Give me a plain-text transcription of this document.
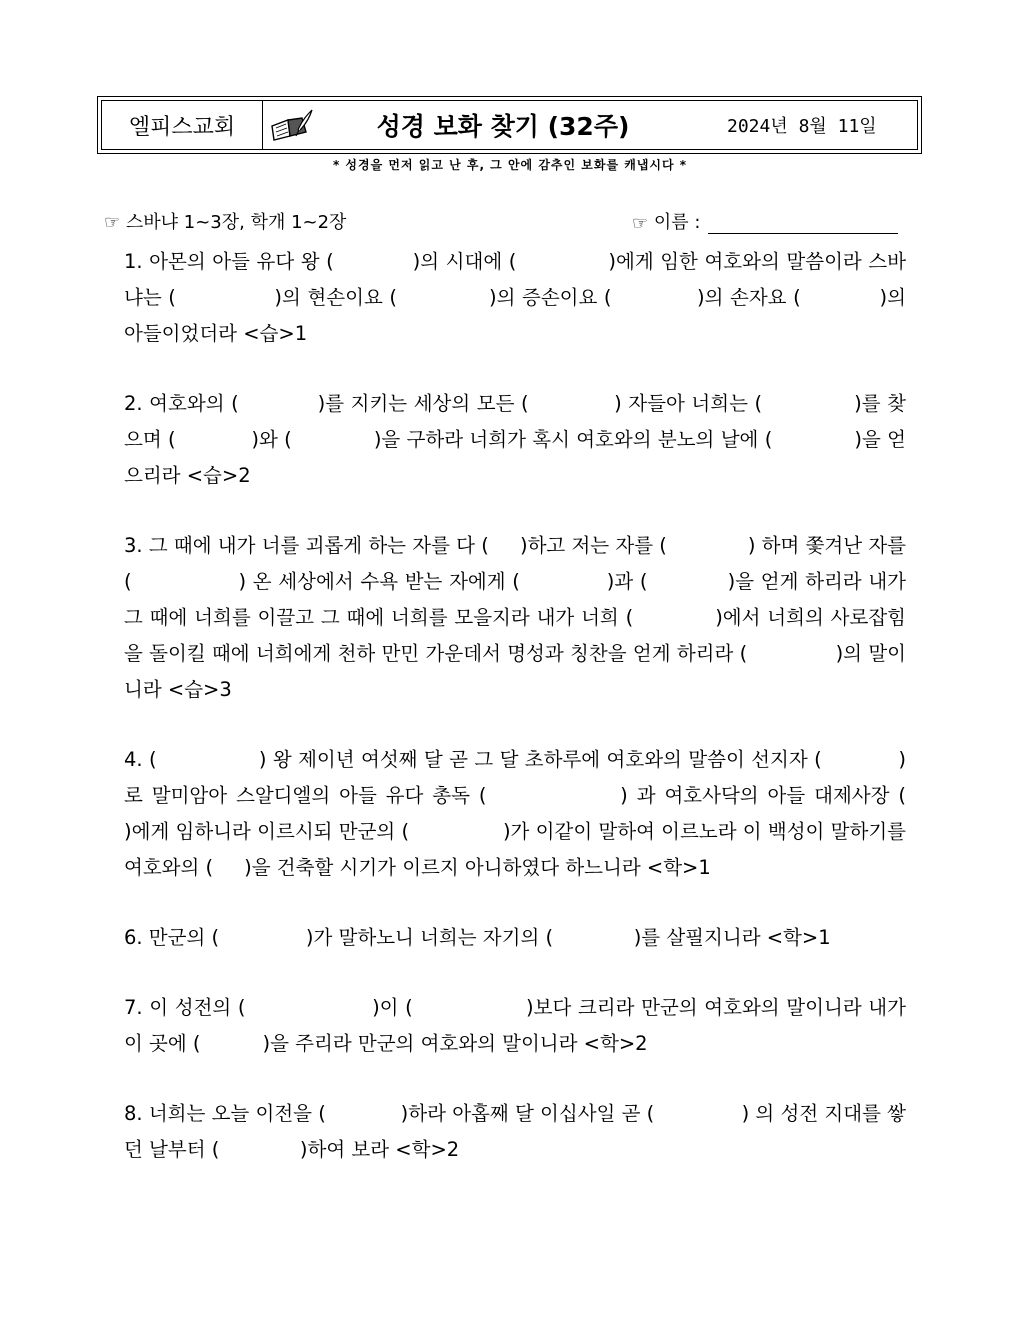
엘피스교회	성경 보화 찾기 (32주)	2024년 8월 11일
* 성경을 먼저 읽고 난 후, 그 안에 감추인 보화를 캐냅시다 *
☞ 스바냐 1~3장, 학개 1~2장	☞
이름 :

1. 아몬의 아들 유다 왕 (            )의 시대에 (              )에게 임한 여호와의 말씀이라 스바냐는 (               )의 현손이요 (              )의 증손이요 (             )의 손자요 (            )의 아들이었더라 <습>1

2. 여호와의 (            )를 지키는 세상의 모든 (             ) 자들아 너희는 (              )를 찾으며 (            )와 (             )을 구하라 너희가 혹시 여호와의 분노의 날에 (             )을 얻으리라 <습>2

3. 그 때에 내가 너를 괴롭게 하는 자를 다 (     )하고 저는 자를 (             ) 하며 쫓겨난 자를 (                ) 온 세상에서 수욕 받는 자에게 (             )과 (            )을 얻게 하리라 내가 그 때에 너희를 이끌고 그 때에 너희를 모을지라 내가 너희 (            )에서 너희의 사로잡힘을 돌이킬 때에 너희에게 천하 만민 가운데서 명성과 칭찬을 얻게 하리라 (              )의 말이니라 <습>3

4. (                ) 왕 제이년 여섯째 달 곧 그 달 초하루에 여호와의 말씀이 선지자 (            )로 말미암아 스알디엘의 아들 유다 총독 (               ) 과 여호사닥의 아들 대제사장 (                 )에게 임하니라 이르시되 만군의 (               )가 이같이 말하여 이르노라 이 백성이 말하기를 여호와의 (     )을 건축할 시기가 이르지 아니하였다 하느니라 <학>1

6. 만군의 (              )가 말하노니 너희는 자기의 (             )를 살필지니라 <학>1

7. 이 성전의 (                   )이 (                 )보다 크리라 만군의 여호와의 말이니라 내가 이 곳에 (          )을 주리라 만군의 여호와의 말이니라 <학>2

8. 너희는 오늘 이전을 (            )하라 아홉째 달 이십사일 곧 (              ) 의 성전 지대를 쌓던 날부터 (             )하여 보라 <학>2
